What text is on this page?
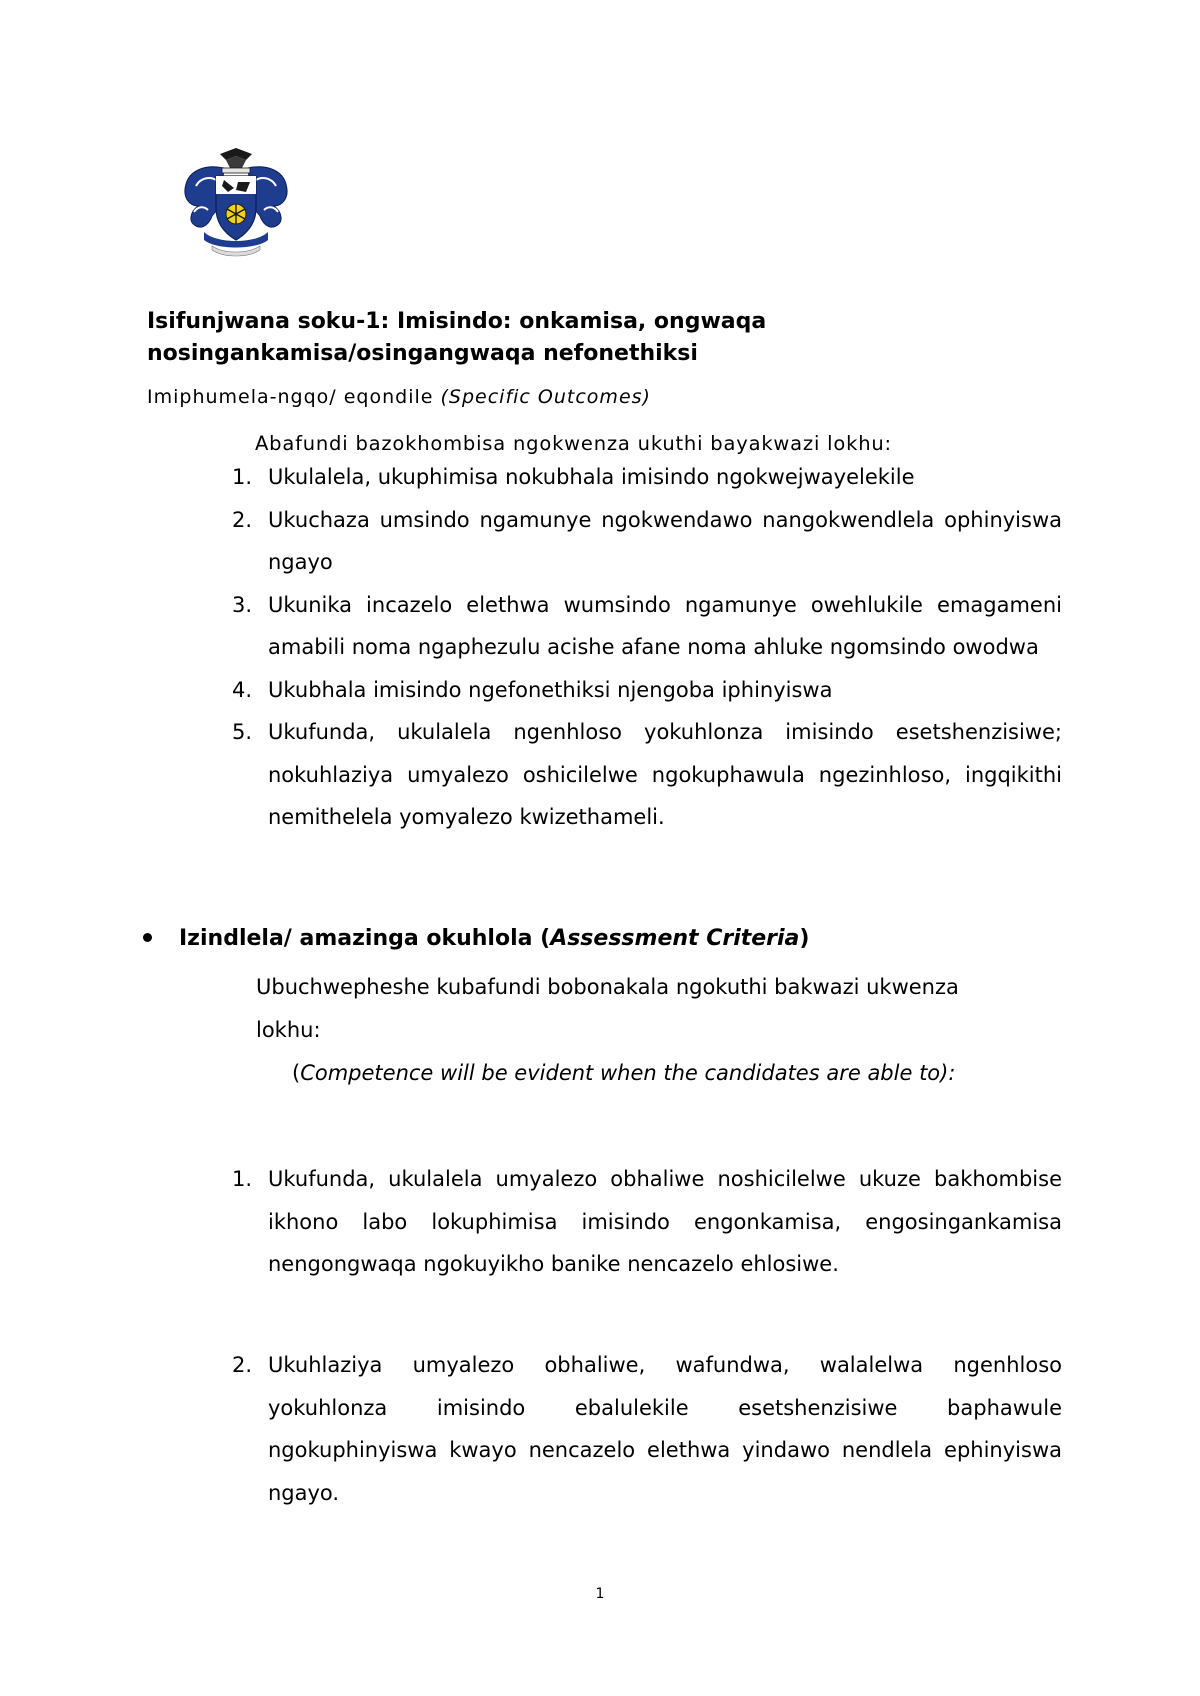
Isifunjwana soku-1: Imisindo: onkamisa, ongwaqa nosingankamisa/osingangwaqa nefonethiksi
Imiphumela-ngqo/ eqondile (Specific Outcomes)
Abafundi bazokhombisa ngokwenza ukuthi bayakwazi lokhu:
1. Ukulalela, ukuphimisa nokubhala imisindo ngokwejwayelekile
2. Ukuchaza umsindo ngamunye ngokwendawo nangokwendlela ophinyiswa ngayo
3. Ukunika incazelo elethwa wumsindo ngamunye owehlukile emagameni amabili noma ngaphezulu acishe afane noma ahluke ngomsindo owodwa
4. Ukubhala imisindo ngefonethiksi njengoba iphinyiswa
5. Ukufunda, ukulalela ngenhloso yokuhlonza imisindo esetshenzisiwe; nokuhlaziya umyalezo oshicilelwe ngokuphawula ngezinhloso, ingqikithi nemithelela yomyalezo kwizethameli.
Izindlela/ amazinga okuhlola (Assessment Criteria)
Ubuchwepheshe kubafundi bobonakala ngokuthi bakwazi ukwenza lokhu:
(Competence will be evident when the candidates are able to):
1. Ukufunda, ukulalela umyalezo obhaliwe noshicilelwe ukuze bakhombise ikhono labo lokuphimisa imisindo engonkamisa, engosingankamisa nengongwaqa ngokuyikho banike nencazelo ehlosiwe.
2. Ukuhlaziya umyalezo obhaliwe, wafundwa, walalelwa ngenhloso yokuhlonza imisindo ebalulekile esetshenzisiwe baphawule ngokuphinyiswa kwayo nencazelo elethwa yindawo nendlela ephinyiswa ngayo.
1
